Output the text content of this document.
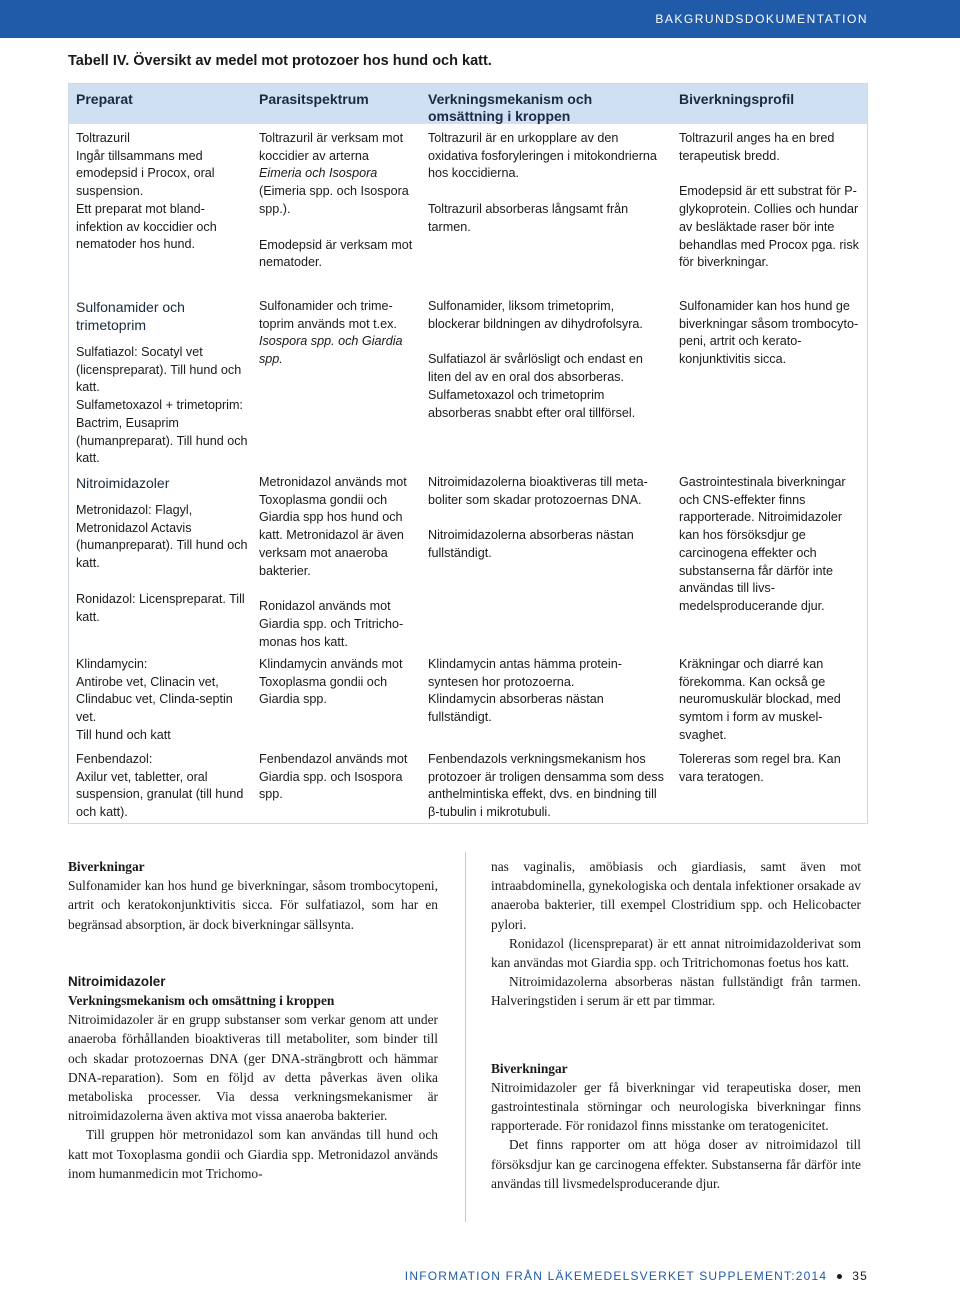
BAKGRUNDSDOKUMENTATION
Tabell IV. Översikt av medel mot protozoer hos hund och katt.
Preparat	Parasitspektrum	Verkningsmekanism och omsättning i kroppen
Biverkningsprofil

Toltrazuril

Ingår tillsammans med emodepsid i Procox, oral suspension.

Ett preparat mot bland-infektion av koccidier och nematoder hos hund.

Toltrazuril är verksam mot koccidier av arterna

Eimeria och Isospora

(Eimeria spp. och Isospora spp.).

Emodepsid är verksam mot nematoder.

Toltrazuril är en urkopplare av den oxidativa fosforyleringen i mitokondrierna hos koccidierna.

Toltrazuril absorberas långsamt från tarmen.

Toltrazuril anges ha en bred terapeutisk bredd.

Emodepsid är ett substrat för P-glykoprotein. Collies och hundar av besläktade raser bör inte behandlas med Procox pga. risk för biverkningar.

Sulfonamider och trimetoprim

Sulfatiazol: Socatyl vet (licenspreparat). Till hund och katt.

Sulfametoxazol + trimetoprim: Bactrim, Eusaprim (humanpreparat). Till hund och katt.

Sulfonamider och trime-toprim används mot t.ex.

Isospora spp. och Giardia spp.

Sulfonamider, liksom trimetoprim, blockerar bildningen av dihydrofolsyra.

Sulfatiazol är svårlösligt och endast en liten del av en oral dos absorberas. Sulfametoxazol och trimetoprim absorberas snabbt efter oral tillförsel.

Sulfonamider kan hos hund ge biverkningar såsom trombocyto-peni, artrit och kerato-konjunktivitis sicca.

Nitroimidazoler

Metronidazol: Flagyl, Metronidazol Actavis (humanpreparat). Till hund och katt.

Ronidazol: Licenspreparat. Till katt.

Metronidazol används mot Toxoplasma gondii och Giardia spp hos hund och katt. Metronidazol är även verksam mot anaeroba bakterier.

Ronidazol används mot Giardia spp. och Tritricho-monas hos katt.

Nitroimidazolerna bioaktiveras till meta-boliter som skadar protozoernas DNA.

Nitroimidazolerna absorberas nästan fullständigt.

Gastrointestinala biverkningar och CNS-effekter finns rapporterade. Nitroimidazoler kan hos försöksdjur ge carcinogena effekter och substanserna får därför inte användas till livs-medelsproducerande djur.

Klindamycin:

Antirobe vet, Clinacin vet, Clindabuc vet, Clinda-septin vet.

Till hund och katt

Klindamycin används mot Toxoplasma gondii och Giardia spp.

Klindamycin antas hämma protein-syntesen hor protozoerna.

Klindamycin absorberas nästan fullständigt.

Kräkningar och diarré kan förekomma. Kan också ge neuromuskulär blockad, med symtom i form av muskel-svaghet.

Fenbendazol:

Axilur vet, tabletter, oral suspension, granulat (till hund och katt).

Fenbendazol används mot Giardia spp. och Isospora spp.

Fenbendazols verkningsmekanism hos protozoer är troligen densamma som dess anthelmintiska effekt, dvs. en bindning till β-tubulin i mikrotubuli.

Tolereras som regel bra. Kan vara teratogen.

Biverkningar

Sulfonamider kan hos hund ge biverkningar, såsom trombocytopeni, artrit och keratokonjunktivitis sicca. För sulfatiazol, som har en begränsad absorption, är dock biverkningar sällsynta.

Nitroimidazoler

Verkningsmekanism och omsättning i kroppen

Nitroimidazoler är en grupp substanser som verkar genom att under anaeroba förhållanden bioaktiveras till metaboliter, som binder till och skadar protozoernas DNA (ger DNA-strängbrott och hämmar DNA-reparation). Som en följd av detta påverkas även olika metaboliska processer. Via dessa verkningsmekanismer är nitroimidazolerna även aktiva mot vissa anaeroba bakterier.

Till gruppen hör metronidazol som kan användas till hund och katt mot Toxoplasma gondii och Giardia spp. Metronidazol används inom humanmedicin mot Trichomo-

nas vaginalis, amöbiasis och giardiasis, samt även mot intraabdominella, gynekologiska och dentala infektioner orsakade av anaeroba bakterier, till exempel Clostridium spp. och Helicobacter pylori.

Ronidazol (licenspreparat) är ett annat nitroimidazolderivat som kan användas mot Giardia spp. och Tritrichomonas foetus hos katt.

Nitroimidazolerna absorberas nästan fullständigt från tarmen. Halveringstiden i serum är ett par timmar.

Biverkningar

Nitroimidazoler ger få biverkningar vid terapeutiska doser, men gastrointestinala störningar och neurologiska biverkningar finns rapporterade. För ronidazol finns misstanke om teratogenicitet.

Det finns rapporter om att höga doser av nitroimidazol till försöksdjur kan ge carcinogena effekter. Substanserna får därför inte användas till livsmedelsproducerande djur.

INFORMATION FRÅN LÄKEMEDELSVERKET SUPPLEMENT:2014 35
